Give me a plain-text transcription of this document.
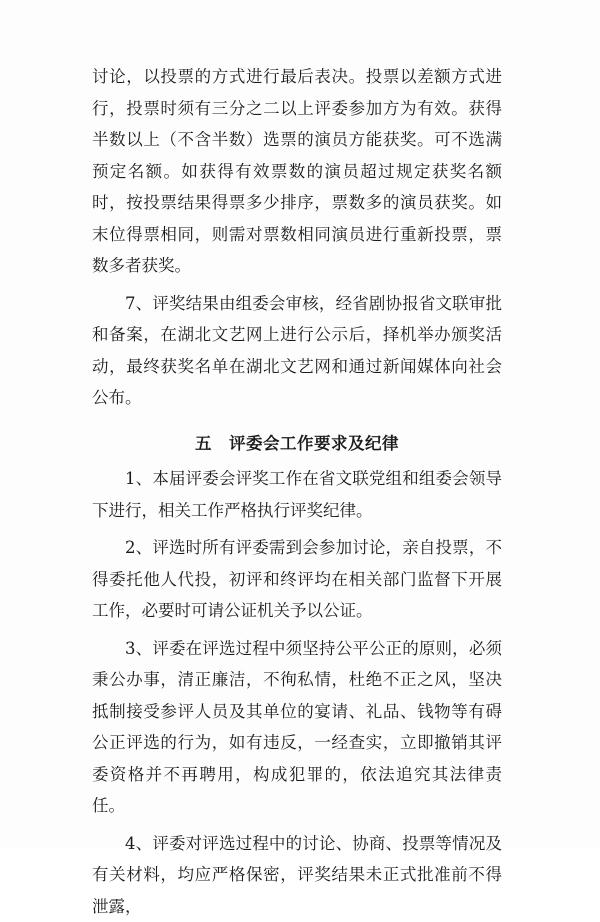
讨论，以投票的方式进行最后表决。投票以差额方式进行，投票时须有三分之二以上评委参加方为有效。获得半数以上（不含半数）选票的演员方能获奖。可不选满预定名额。如获得有效票数的演员超过规定获奖名额时，按投票结果得票多少排序，票数多的演员获奖。如末位得票相同，则需对票数相同演员进行重新投票，票数多者获奖。

7、评奖结果由组委会审核，经省剧协报省文联审批和备案，在湖北文艺网上进行公示后，择机举办颁奖活动，最终获奖名单在湖北文艺网和通过新闻媒体向社会公布。

五　评委会工作要求及纪律

1、本届评委会评奖工作在省文联党组和组委会领导下进行，相关工作严格执行评奖纪律。

2、评选时所有评委需到会参加讨论，亲自投票，不得委托他人代投，初评和终评均在相关部门监督下开展工作，必要时可请公证机关予以公证。

3、评委在评选过程中须坚持公平公正的原则，必须秉公办事，清正廉洁，不徇私情，杜绝不正之风，坚决抵制接受参评人员及其单位的宴请、礼品、钱物等有碍公正评选的行为，如有违反，一经查实，立即撤销其评委资格并不再聘用，构成犯罪的，依法追究其法律责任。

4、评委对评选过程中的讨论、协商、投票等情况及有关材料，均应严格保密，评奖结果未正式批准前不得泄露，
